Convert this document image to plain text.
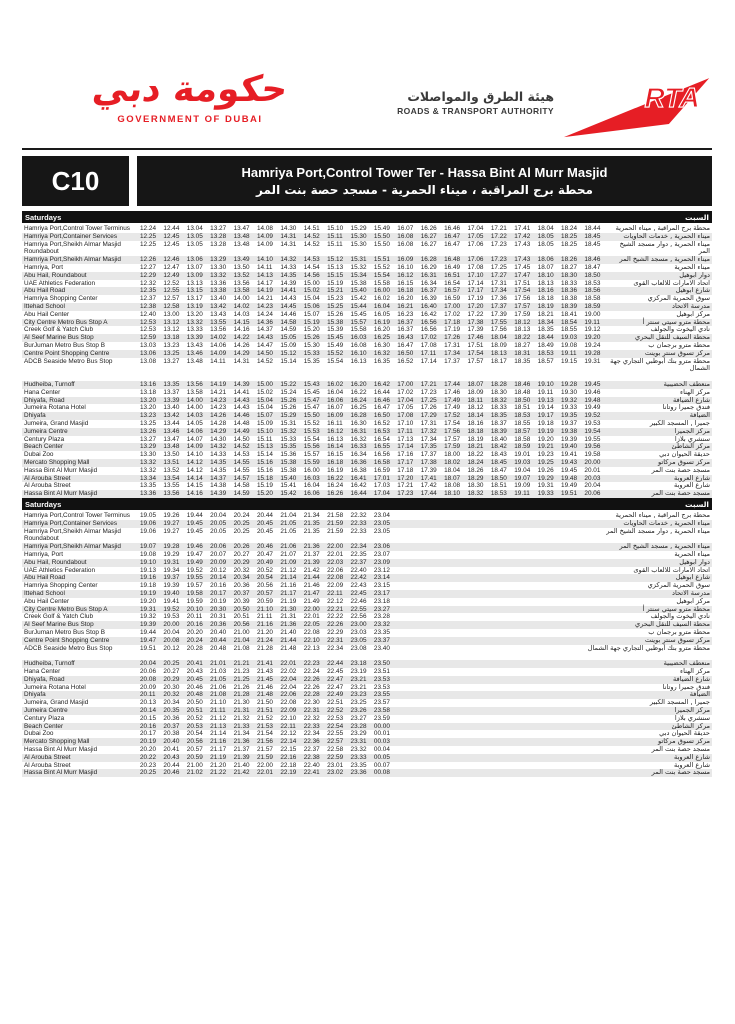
حكومة دبي
GOVERNMENT OF DUBAI
هيئة الطرق والمواصلات
ROADS & TRANSPORT AUTHORITY	RTA
C10	Hamriya Port,Control Tower Ter - Hassa Bint Al Murr Masjid
محطة برج المراقبة ، ميناء الحمرية - مسجد حصة بنت المر
Saturdays	السبت
Hamriya Port,Control Tower Terminus	12.24	12.44	13.04	13.27	13.47	14.08	14.30	14.51	15.10	15.29	15.49	16.07	16.26	16.46	17.04	17.21	17.41	18.04	18.24	18.44	محطة برج المراقبة , ميناء الحمرية
Hamriya Port,Container Services	12.25	12.45	13.05	13.28	13.48	14.09	14.31	14.52	15.11	15.30	15.50	16.08	16.27	16.47	17.05	17.22	17.42	18.05	18.25	18.45	ميناء الحمرية , خدمات الحاويات
Hamriya Port,Sheikh Almar Masjid Roundabout
12.25	12.45	13.05	13.28	13.48	14.09	14.31	14.52	15.11	15.30	15.50	16.08	16.27	16.47	17.06	17.23	17.43	18.05	18.25	18.45	ميناء الحمرية , دوار مسجد الشيخ المر
Hamriya Port,Sheikh Almar Masjid	12.26	12.46	13.06	13.29	13.49	14.10	14.32	14.53	15.12	15.31	15.51	16.09	16.28	16.48	17.06	17.23	17.43	18.06	18.26	18.46	ميناء الحمرية , مسجد الشيخ المر
Hamriya, Port	12.27	12.47	13.07	13.30	13.50	14.11	14.33	14.54	15.13	15.32	15.52	16.10	16.29	16.49	17.08	17.25	17.45	18.07	18.27	18.47	ميناء الحمرية
Abu Hail, Roundabout	12.29	12.49	13.09	13.32	13.52	14.13	14.35	14.56	15.15	15.34	15.54	16.12	16.31	16.51	17.10	17.27	17.47	18.10	18.30	18.50	دوار ابوهيل
UAE Athletics Federation	12.32	12.52	13.13	13.36	13.56	14.17	14.39	15.00	15.19	15.38	15.58	16.15	16.34	16.54	17.14	17.31	17.51	18.13	18.33	18.53	اتحاد الامارات للالعاب القوى
Abu Hail Road	12.35	12.55	13.15	13.38	13.58	14.19	14.41	15.02	15.21	15.40	16.00	16.18	16.37	16.57	17.17	17.34	17.54	18.16	18.36	18.56	شارع ابوهيل
Hamriya Shopping Center	12.37	12.57	13.17	13.40	14.00	14.21	14.43	15.04	15.23	15.42	16.02	16.20	16.39	16.59	17.19	17.36	17.56	18.18	18.38	18.58	سوق الحمرية المركزي
Ittehad School	12.38	12.58	13.19	13.42	14.02	14.23	14.45	15.06	15.25	15.44	16.04	16.21	16.40	17.00	17.20	17.37	17.57	18.19	18.39	18.59	مدرسة الاتحاد
Abu Hail Center	12.40	13.00	13.20	13.43	14.03	14.24	14.46	15.07	15.26	15.45	16.05	16.23	16.42	17.02	17.22	17.39	17.59	18.21	18.41	19.00	مركز ابوهيل
City Centre Metro Bus Stop A	12.53	13.12	13.32	13.55	14.15	14.36	14.58	15.19	15.38	15.57	16.19	16.37	16.56	17.18	17.38	17.55	18.12	18.34	18.54	19.11	محطة مترو سيتي سنتر أ
Creek Golf & Yatch Club	12.53	13.12	13.33	13.56	14.16	14.37	14.59	15.20	15.39	15.58	16.20	16.37	16.56	17.19	17.39	17.56	18.13	18.35	18.55	19.12	نادي اليخوت والجولف
Al Seef Marine Bus Stop	12.59	13.18	13.39	14.02	14.22	14.43	15.05	15.26	15.45	16.03	16.25	16.43	17.02	17.26	17.46	18.04	18.22	18.44	19.03	19.20	محطة السيف للنقل البحري
BurJuman Metro Bus Stop B	13.03	13.23	13.43	14.06	14.26	14.47	15.09	15.30	15.49	16.08	16.30	16.47	17.08	17.31	17.51	18.09	18.27	18.49	19.08	19.24	محطة مترو برجمان ب
Centre Point Shopping Centre	13.06	13.25	13.46	14.09	14.29	14.50	15.12	15.33	15.52	16.10	16.32	16.50	17.11	17.34	17.54	18.13	18.31	18.53	19.11	19.28	مركز تسوق سنتر بوينت
ADCB Seaside Metro Bus Stop	13.08	13.27	13.48	14.11	14.31	14.52	15.14	15.35	15.54	16.13	16.35	16.52	17.14	17.37	17.57	18.17	18.35	18.57	19.15	19.31	محطة مترو بنك أبوظبي التجاري جهة الشمال
Hudheiba, Turnoff	13.16	13.35	13.56	14.19	14.39	15.00	15.22	15.43	16.02	16.20	16.42	17.00	17.21	17.44	18.07	18.28	18.46	19.10	19.28	19.45	منعطف الحضيبية
Hana Center	13.18	13.37	13.58	14.21	14.41	15.02	15.24	15.45	16.04	16.22	16.44	17.02	17.23	17.46	18.09	18.30	18.48	19.11	19.30	19.46	مركز الهناء
Dhiyafa, Road	13.20	13.39	14.00	14.23	14.43	15.04	15.26	15.47	16.06	16.24	16.46	17.04	17.25	17.49	18.11	18.32	18.50	19.13	19.32	19.48	شارع الضيافة
Jumeira Rotana Hotel	13.20	13.40	14.00	14.23	14.43	15.04	15.26	15.47	16.07	16.25	16.47	17.05	17.26	17.49	18.12	18.33	18.51	19.14	19.33	19.49	فندق جميرا روتانا
Dhiyafa	13.23	13.42	14.03	14.26	14.46	15.07	15.29	15.50	16.09	16.28	16.50	17.08	17.29	17.52	18.14	18.35	18.53	19.17	19.35	19.52	الضيافة
Jumeira, Grand Masjid	13.25	13.44	14.05	14.28	14.48	15.09	15.31	15.52	16.11	16.30	16.52	17.10	17.31	17.54	18.16	18.37	18.55	19.18	19.37	19.53	جميرا , المسجد الكبير
Jumeira Centre	13.26	13.46	14.06	14.29	14.49	15.10	15.32	15.53	16.12	16.31	16.53	17.11	17.32	17.56	18.18	18.39	18.57	19.19	19.38	19.54	مركز الجميرا
Century Plaza	13.27	13.47	14.07	14.30	14.50	15.11	15.33	15.54	16.13	16.32	16.54	17.13	17.34	17.57	18.19	18.40	18.58	19.20	19.39	19.55	سنشري بلازا
Beach Center	13.29	13.48	14.09	14.32	14.52	15.13	15.35	15.56	16.14	16.33	16.55	17.14	17.35	17.59	18.21	18.42	18.59	19.21	19.40	19.56	مركز الشاطئ
Dubai Zoo	13.30	13.50	14.10	14.33	14.53	15.14	15.36	15.57	16.15	16.34	16.56	17.16	17.37	18.00	18.22	18.43	19.01	19.23	19.41	19.58	حديقة الحيوان دبي
Mercato Shopping Mall	13.32	13.51	14.12	14.35	14.55	15.16	15.38	15.59	16.18	16.36	16.58	17.17	17.38	18.02	18.24	18.45	19.03	19.25	19.43	20.00	مركز تسوق مركاتو
Hassa Bint Al Murr Masjid	13.32	13.52	14.12	14.35	14.55	15.16	15.38	16.00	16.19	16.38	16.59	17.18	17.39	18.04	18.26	18.47	19.04	19.26	19.45	20.01	مسجد حصة بنت المر
Al Arouba Street	13.34	13.54	14.14	14.37	14.57	15.18	15.40	16.03	16.22	16.41	17.01	17.20	17.41	18.07	18.29	18.50	19.07	19.29	19.48	20.03	شارع العروبة
Al Arouba Street	13.35	13.55	14.15	14.38	14.58	15.19	15.41	16.04	16.24	16.42	17.03	17.21	17.42	18.08	18.30	18.51	19.09	19.31	19.49	20.04	شارع العروبة
Hassa Bint Al Murr Masjid	13.36	13.56	14.16	14.39	14.59	15.20	15.42	16.06	16.26	16.44	17.04	17.23	17.44	18.10	18.32	18.53	19.11	19.33	19.51	20.06	مسجد حصة بنت المر
Saturdays	السبت
Hamriya Port,Control Tower Terminus	19.05	19.26	19.44	20.04	20.24	20.44	21.04	21.34	21.58	22.32	23.04	محطة برج المراقبة , ميناء الحمرية
Hamriya Port,Container Services	19.06	19.27	19.45	20.05	20.25	20.45	21.05	21.35	21.59	22.33	23.05	ميناء الحمرية , خدمات الحاويات
Hamriya Port,Sheikh Almar Masjid Roundabout
19.06	19.27	19.45	20.05	20.25	20.45	21.05	21.35	21.59	22.33	23.05	ميناء الحمرية , دوار مسجد الشيخ المر
Hamriya Port,Sheikh Almar Masjid	19.07	19.28	19.46	20.06	20.26	20.46	21.06	21.36	22.00	22.34	23.06	ميناء الحمرية , مسجد الشيخ المر
Hamriya, Port	19.08	19.29	19.47	20.07	20.27	20.47	21.07	21.37	22.01	22.35	23.07	ميناء الحمرية
Abu Hail, Roundabout	19.10	19.31	19.49	20.09	20.29	20.49	21.09	21.39	22.03	22.37	23.09	دوار ابوهيل
UAE Athletics Federation	19.13	19.34	19.52	20.12	20.32	20.52	21.12	21.42	22.06	22.40	23.12	اتحاد الامارات للالعاب القوى
Abu Hail Road	19.16	19.37	19.55	20.14	20.34	20.54	21.14	21.44	22.08	22.42	23.14	شارع ابوهيل
Hamriya Shopping Center	19.18	19.39	19.57	20.16	20.36	20.56	21.16	21.46	22.09	22.43	23.15	سوق الحمرية المركزي
Ittehad School	19.19	19.40	19.58	20.17	20.37	20.57	21.17	21.47	22.11	22.45	23.17	مدرسة الاتحاد
Abu Hail Center	19.20	19.41	19.59	20.19	20.39	20.59	21.19	21.49	22.12	22.46	23.18	مركز ابوهيل
City Centre Metro Bus Stop A	19.31	19.52	20.10	20.30	20.50	21.10	21.30	22.00	22.21	22.55	23.27	محطة مترو سيتي سنتر أ
Creek Golf & Yatch Club	19.32	19.53	20.11	20.31	20.51	21.11	21.31	22.01	22.22	22.56	23.28	نادي اليخوت والجولف
Al Seef Marine Bus Stop	19.39	20.00	20.16	20.36	20.56	21.16	21.36	22.05	22.26	23.00	23.32	محطة السيف للنقل البحري
BurJuman Metro Bus Stop B	19.44	20.04	20.20	20.40	21.00	21.20	21.40	22.08	22.29	23.03	23.35	محطة مترو برجمان ب
Centre Point Shopping Centre	19.47	20.08	20.24	20.44	21.04	21.24	21.44	22.10	22.31	23.05	23.37	مركز تسوق سنتر بوينت
ADCB Seaside Metro Bus Stop	19.51	20.12	20.28	20.48	21.08	21.28	21.48	22.13	22.34	23.08	23.40	محطة مترو بنك أبوظبي التجاري جهة الشمال
Hudheiba, Turnoff	20.04	20.25	20.41	21.01	21.21	21.41	22.01	22.23	22.44	23.18	23.50	منعطف الحضيبية
Hana Center	20.06	20.27	20.43	21.03	21.23	21.43	22.02	22.24	22.45	23.19	23.51	مركز الهناء
Dhiyafa, Road	20.08	20.29	20.45	21.05	21.25	21.45	22.04	22.26	22.47	23.21	23.53	شارع الضيافة
Jumeira Rotana Hotel	20.09	20.30	20.46	21.06	21.26	21.46	22.04	22.26	22.47	23.21	23.53	فندق جميرا روتانا
Dhiyafa	20.11	20.32	20.48	21.08	21.28	21.48	22.06	22.28	22.49	23.23	23.55	الضيافة
Jumeira, Grand Masjid	20.13	20.34	20.50	21.10	21.30	21.50	22.08	22.30	22.51	23.25	23.57	جميرا , المسجد الكبير
Jumeira Centre	20.14	20.35	20.51	21.11	21.31	21.51	22.09	22.31	22.52	23.26	23.58	مركز الجميرا
Century Plaza	20.15	20.36	20.52	21.12	21.32	21.52	22.10	22.32	22.53	23.27	23.59	سنشري بلازا
Beach Center	20.16	20.37	20.53	21.13	21.33	21.53	22.11	22.33	22.54	23.28	00.00	مركز الشاطئ
Dubai Zoo	20.17	20.38	20.54	21.14	21.34	21.54	22.12	22.34	22.55	23.29	00.01	حديقة الحيوان دبي
Mercato Shopping Mall	20.19	20.40	20.56	21.16	21.36	21.56	22.14	22.36	22.57	23.31	00.03	مركز تسوق مركاتو
Hassa Bint Al Murr Masjid	20.20	20.41	20.57	21.17	21.37	21.57	22.15	22.37	22.58	23.32	00.04	مسجد حصة بنت المر
Al Arouba Street	20.22	20.43	20.59	21.19	21.39	21.59	22.16	22.38	22.59	23.33	00.05	شارع العروبة
Al Arouba Street	20.23	20.44	21.00	21.20	21.40	22.00	22.18	22.40	23.01	23.35	00.07	شارع العروبة
Hassa Bint Al Murr Masjid	20.25	20.46	21.02	21.22	21.42	22.01	22.19	22.41	23.02	23.36	00.08	مسجد حصة بنت المر
